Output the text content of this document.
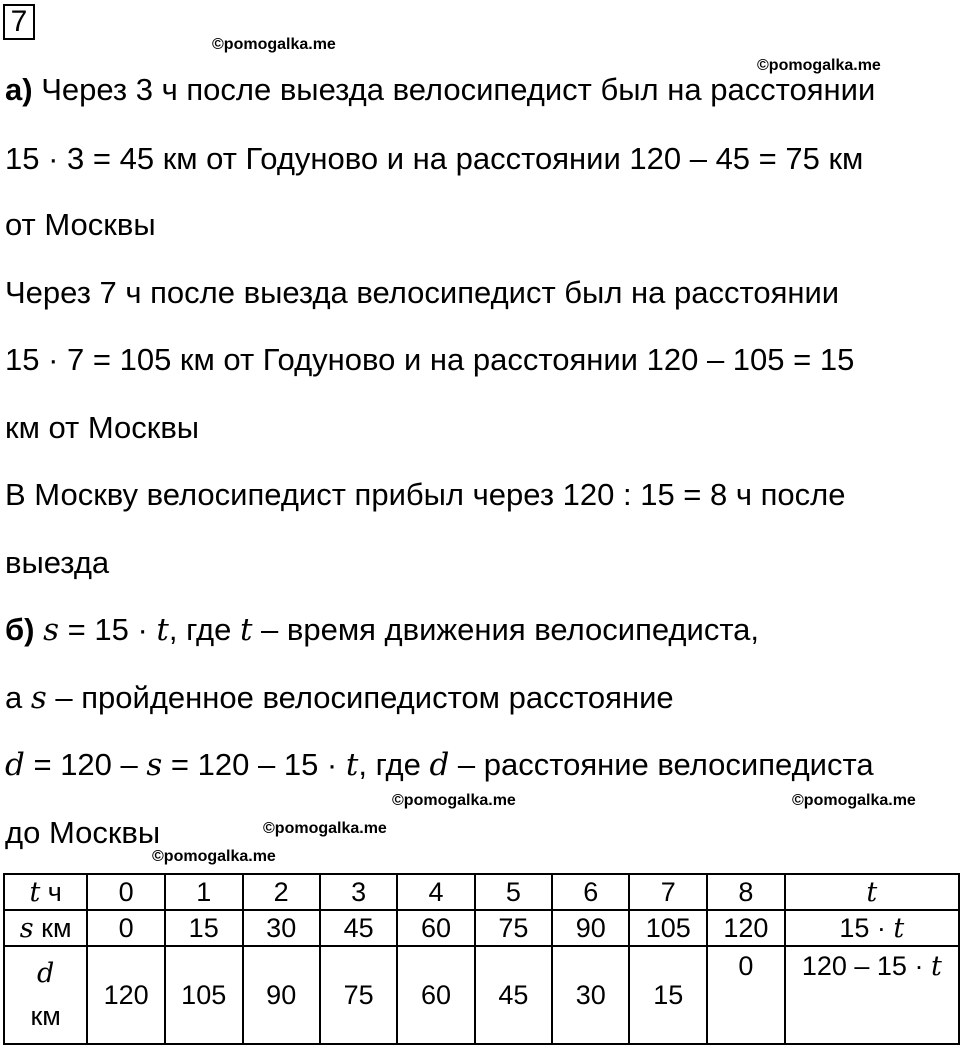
7
©pomogalka.me
©pomogalka.me
©pomogalka.me	©pomogalka.me
©pomogalka.me
©pomogalka.me
а) Через 3 ч после выезда велосипедист был на расстоянии
15 · 3 = 45 км от Годуново и на расстоянии 120 – 45 = 75 км
от Москвы
Через 7 ч после выезда велосипедист был на расстоянии
15 · 7 = 105 км от Годуново и на расстоянии 120 – 105 = 15
км от Москвы
В Москву велосипедист прибыл через 120 : 15 = 8 ч после
выезда
б) s = 15 · t, где t – время движения велосипедиста,
а s – пройденное велосипедистом расстояние
d = 120 – s = 120 – 15 · t, где d – расстояние велосипедиста
до Москвы
t ч	0	1	2	3	4	5	6	7	8	t
s км	0	15	30	45	60	75	90	105	120	15 · t

d
км	120	105	90	75	60	45	30	15	0	120 – 15 · t
